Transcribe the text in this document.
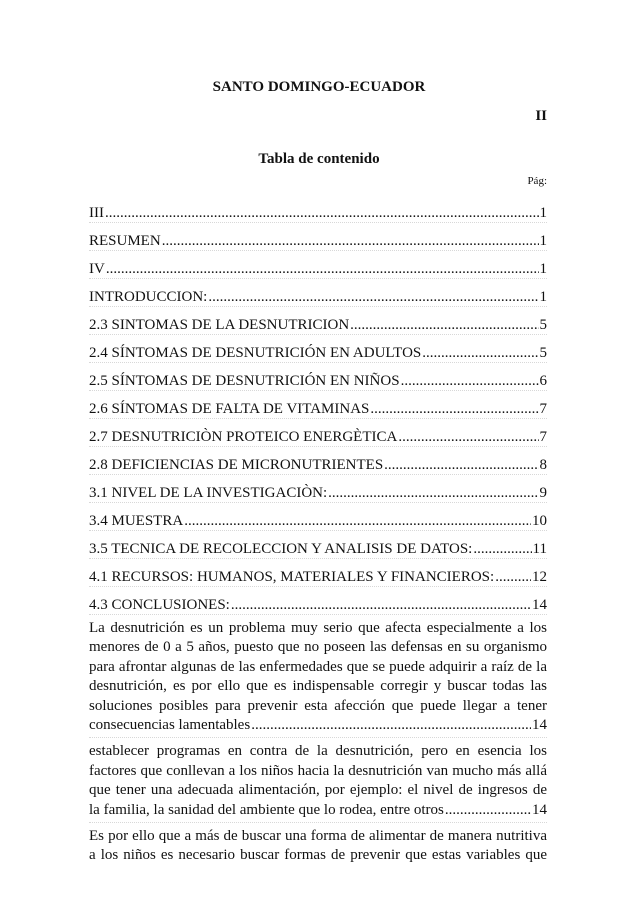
SANTO DOMINGO-ECUADOR
II
Tabla de contenido
Pág:
III .....	1
RESUMEN .....	1
IV .....	1
INTRODUCCION: .....	1
2.3 SINTOMAS DE LA DESNUTRICION .....	5
2.4 SÍNTOMAS DE DESNUTRICIÓN EN ADULTOS .....	5
2.5 SÍNTOMAS DE DESNUTRICIÓN EN NIÑOS .....	6
2.6 SÍNTOMAS DE FALTA DE VITAMINAS .....	7
2.7 DESNUTRICIÒN PROTEICO ENERGÈTICA .....	7
2.8 DEFICIENCIAS DE MICRONUTRIENTES .....	8
3.1 NIVEL DE LA INVESTIGACIÒN: .....	9
3.4 MUESTRA .....	10
3.5 TECNICA DE RECOLECCION Y ANALISIS DE DATOS: .....	11
4.1 RECURSOS: HUMANOS, MATERIALES Y FINANCIEROS: .....	12
4.3 CONCLUSIONES: .....	14
La desnutrición es un problema muy serio que afecta especialmente a los
menores de 0 a 5 años, puesto que no poseen las defensas en su organismo
para afrontar algunas de las enfermedades que se puede adquirir a raíz de la
desnutrición, es por ello que es indispensable corregir y buscar todas las
soluciones posibles para prevenir esta afección que puede llegar a tener
consecuencias lamentables .....	14
establecer programas en contra de la desnutrición, pero en esencia los
factores que conllevan a los niños hacia la desnutrición van mucho más allá
que tener una adecuada alimentación, por ejemplo: el nivel de ingresos de
la familia, la sanidad del ambiente que lo rodea, entre otros .....	14
Es por ello que a más de buscar una forma de alimentar de manera nutritiva
a los niños es necesario buscar formas de prevenir que estas variables que
